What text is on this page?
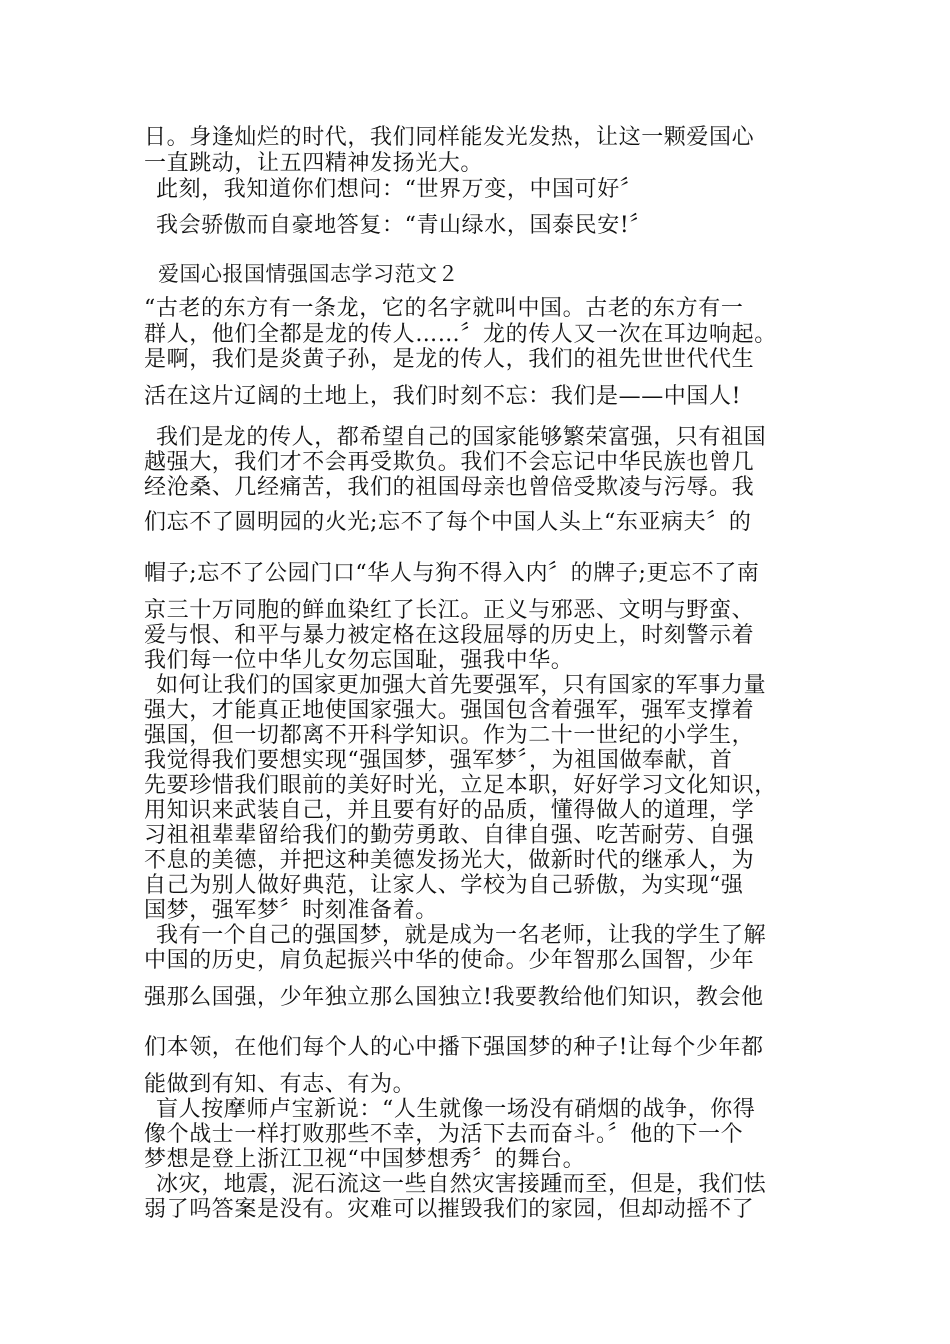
日。身逢灿烂的时代，我们同样能发光发热，让这一颗爱国心

一直跳动，让五四精神发扬光大。

此刻，我知道你们想问：“世界万变，中国可好〞

我会骄傲而自豪地答复：“青山绿水，国泰民安!〞

爱国心报国情强国志学习范文２

“古老的东方有一条龙，它的名字就叫中国。古老的东方有一

群人，他们全都是龙的传人……〞龙的传人又一次在耳边响起。

是啊，我们是炎黄子孙，是龙的传人，我们的祖先世世代代生

活在这片辽阔的土地上，我们时刻不忘：我们是——中国人!

我们是龙的传人，都希望自己的国家能够繁荣富强，只有祖国

越强大，我们才不会再受欺负。我们不会忘记中华民族也曾几

经沧桑、几经痛苦，我们的祖国母亲也曾倍受欺凌与污辱。我

们忘不了圆明园的火光;忘不了每个中国人头上“东亚病夫〞的

帽子;忘不了公园门口“华人与狗不得入内〞的牌子;更忘不了南

京三十万同胞的鲜血染红了长江。正义与邪恶、文明与野蛮、

爱与恨、和平与暴力被定格在这段屈辱的历史上，时刻警示着

我们每一位中华儿女勿忘国耻，强我中华。

如何让我们的国家更加强大首先要强军，只有国家的军事力量

强大，才能真正地使国家强大。强国包含着强军，强军支撑着

强国，但一切都离不开科学知识。作为二十一世纪的小学生，

我觉得我们要想实现“强国梦，强军梦〞，为祖国做奉献，首

先要珍惜我们眼前的美好时光，立足本职，好好学习文化知识，

用知识来武装自己，并且要有好的品质，懂得做人的道理，学

习祖祖辈辈留给我们的勤劳勇敢、自律自强、吃苦耐劳、自强

不息的美德，并把这种美德发扬光大，做新时代的继承人，为

自己为别人做好典范，让家人、学校为自己骄傲，为实现“强

国梦，强军梦〞时刻准备着。

我有一个自己的强国梦，就是成为一名老师，让我的学生了解

中国的历史，肩负起振兴中华的使命。少年智那么国智，少年

强那么国强，少年独立那么国独立!我要教给他们知识，教会他

们本领，在他们每个人的心中播下强国梦的种子!让每个少年都

能做到有知、有志、有为。

盲人按摩师卢宝新说：“人生就像一场没有硝烟的战争，你得

像个战士一样打败那些不幸，为活下去而奋斗。〞他的下一个

梦想是登上浙江卫视“中国梦想秀〞的舞台。

冰灾，地震，泥石流这一些自然灾害接踵而至，但是，我们怯

弱了吗答案是没有。灾难可以摧毁我们的家园，但却动摇不了
